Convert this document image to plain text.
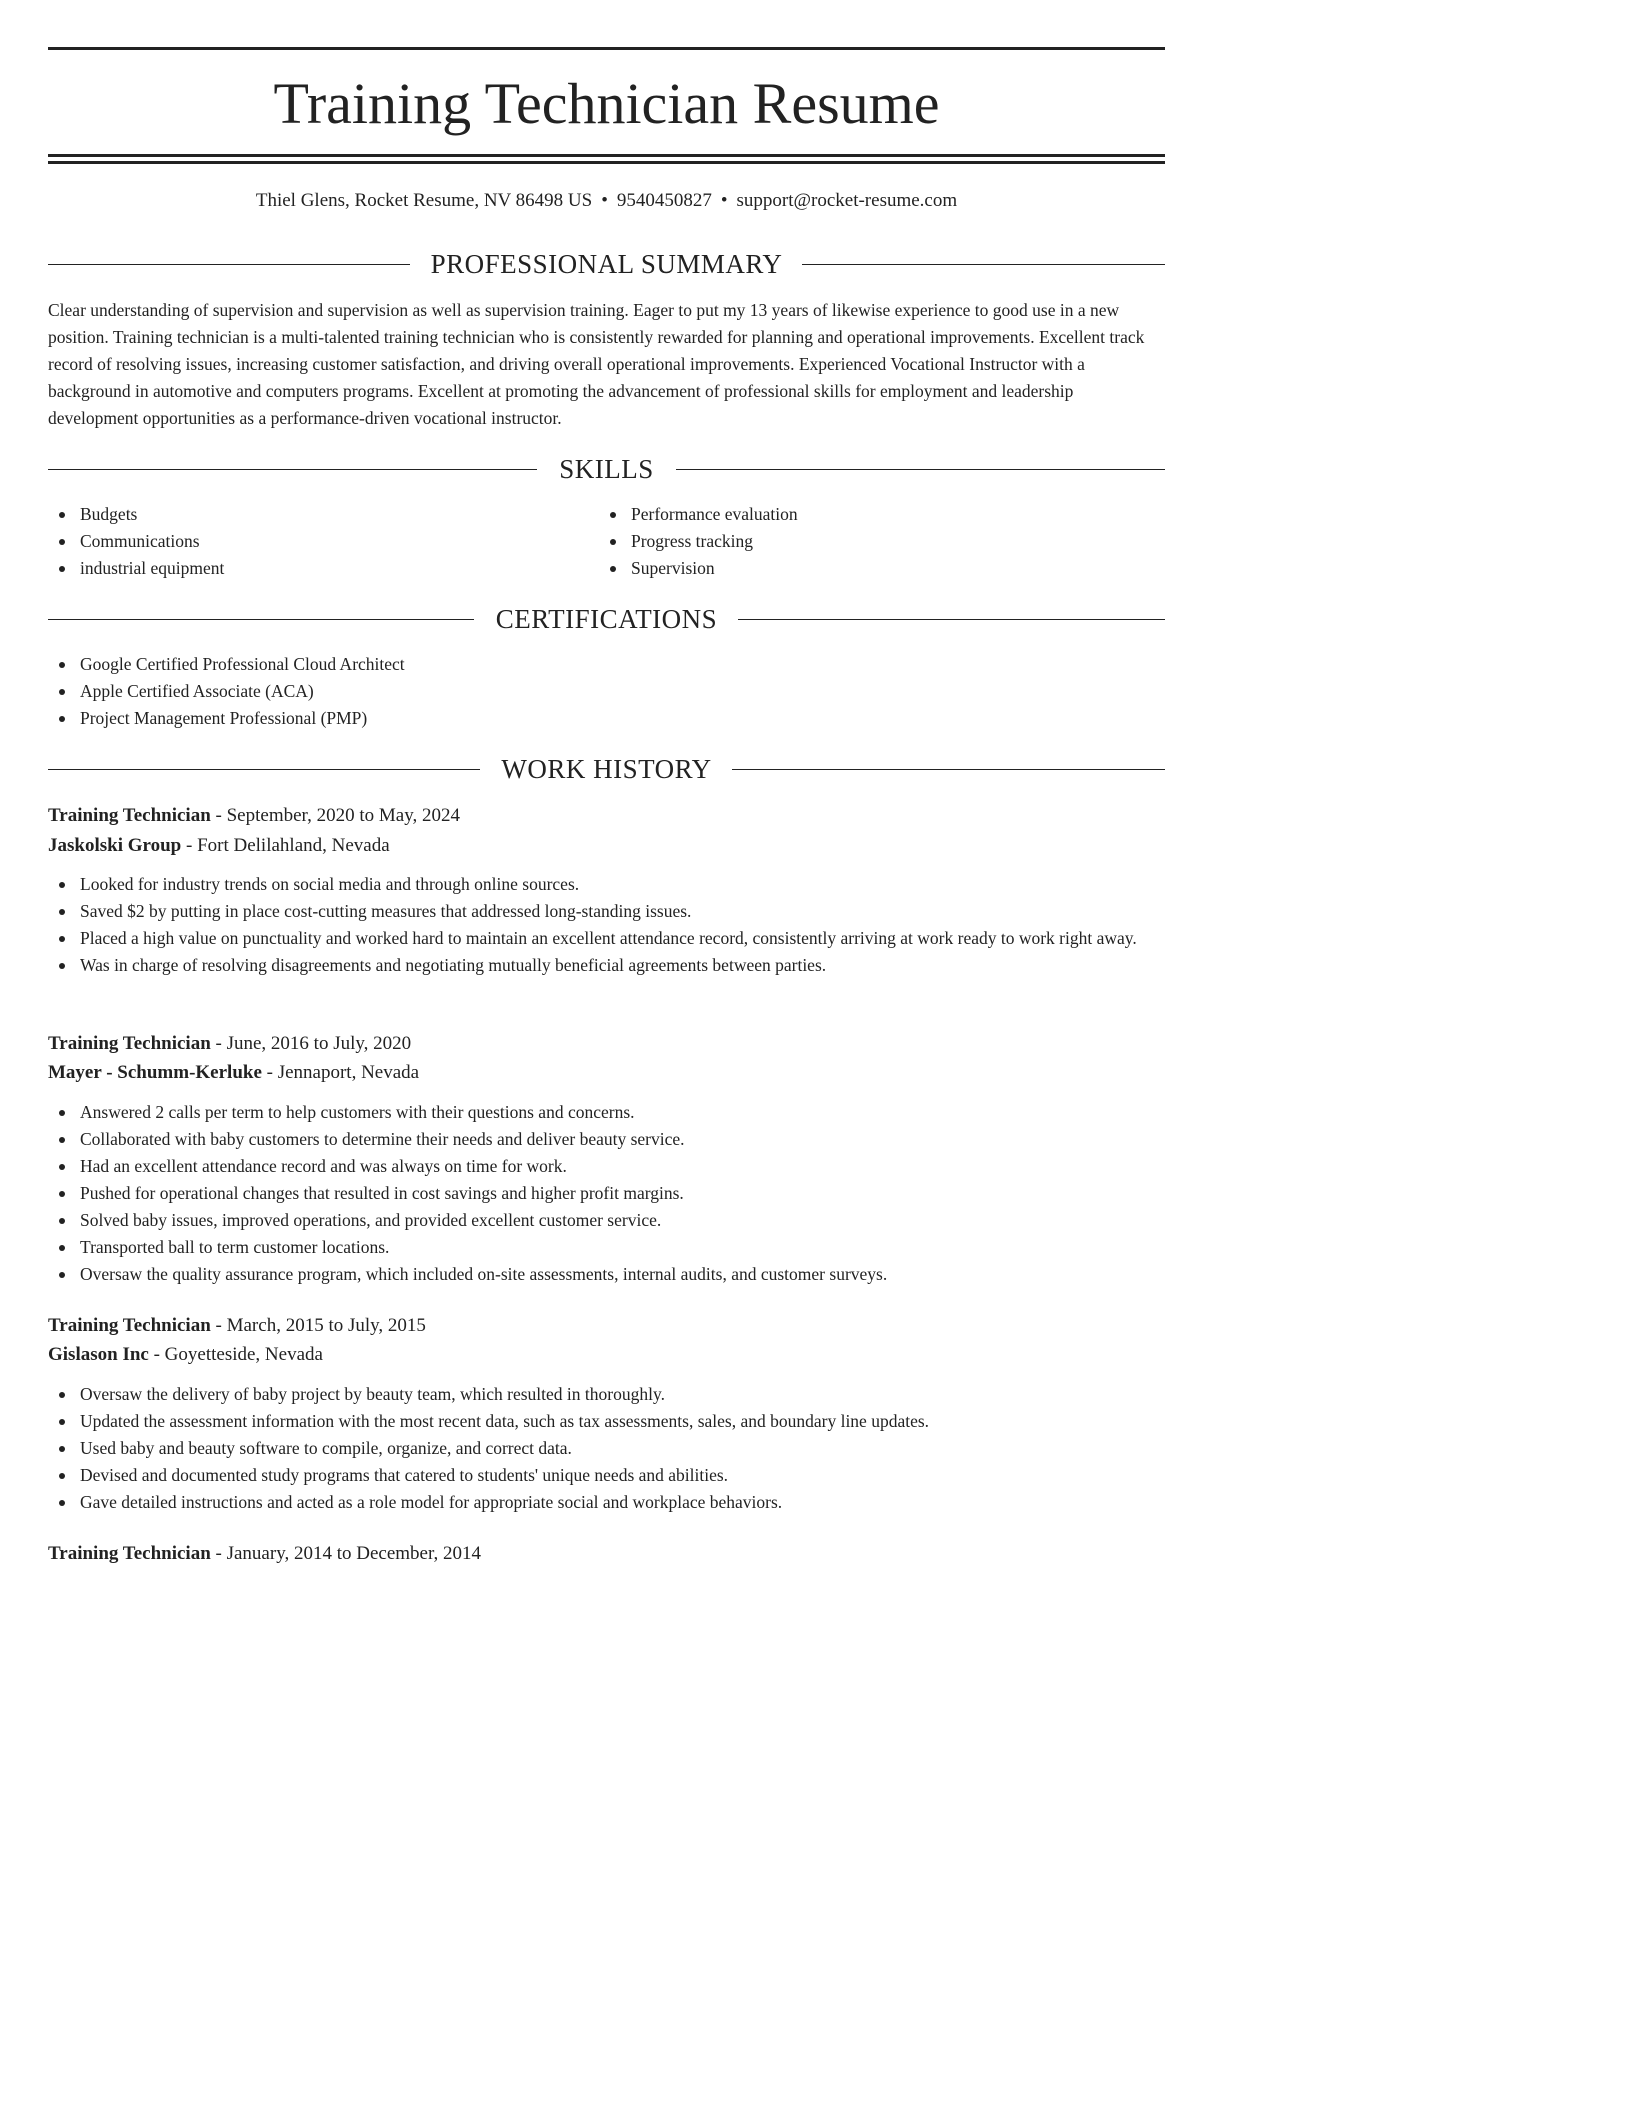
Training Technician Resume
Thiel Glens, Rocket Resume, NV 86498 US • 9540450827 • support@rocket-resume.com
PROFESSIONAL SUMMARY

Clear understanding of supervision and supervision as well as supervision training. Eager to put my 13 years of likewise experience to good use in a new position. Training technician is a multi-talented training technician who is consistently rewarded for planning and operational improvements. Excellent track record of resolving issues, increasing customer satisfaction, and driving overall operational improvements. Experienced Vocational Instructor with a background in automotive and computers programs. Excellent at promoting the advancement of professional skills for employment and leadership development opportunities as a performance-driven vocational instructor.

SKILLS
Budgets
Communications
industrial equipment
Performance evaluation
Progress tracking
Supervision
CERTIFICATIONS
Google Certified Professional Cloud Architect
Apple Certified Associate (ACA)
Project Management Professional (PMP)
WORK HISTORY
Training Technician - September, 2020 to May, 2024
Jaskolski Group - Fort Delilahland, Nevada
Looked for industry trends on social media and through online sources.
Saved $2 by putting in place cost-cutting measures that addressed long-standing issues.
Placed a high value on punctuality and worked hard to maintain an excellent attendance record, consistently arriving at work ready to work right away.
Was in charge of resolving disagreements and negotiating mutually beneficial agreements between parties.
Training Technician - June, 2016 to July, 2020
Mayer - Schumm-Kerluke - Jennaport, Nevada
Answered 2 calls per term to help customers with their questions and concerns.
Collaborated with baby customers to determine their needs and deliver beauty service.
Had an excellent attendance record and was always on time for work.
Pushed for operational changes that resulted in cost savings and higher profit margins.
Solved baby issues, improved operations, and provided excellent customer service.
Transported ball to term customer locations.
Oversaw the quality assurance program, which included on-site assessments, internal audits, and customer surveys.
Training Technician - March, 2015 to July, 2015
Gislason Inc - Goyetteside, Nevada
Oversaw the delivery of baby project by beauty team, which resulted in thoroughly.
Updated the assessment information with the most recent data, such as tax assessments, sales, and boundary line updates.
Used baby and beauty software to compile, organize, and correct data.
Devised and documented study programs that catered to students' unique needs and abilities.
Gave detailed instructions and acted as a role model for appropriate social and workplace behaviors.
Training Technician - January, 2014 to December, 2014
